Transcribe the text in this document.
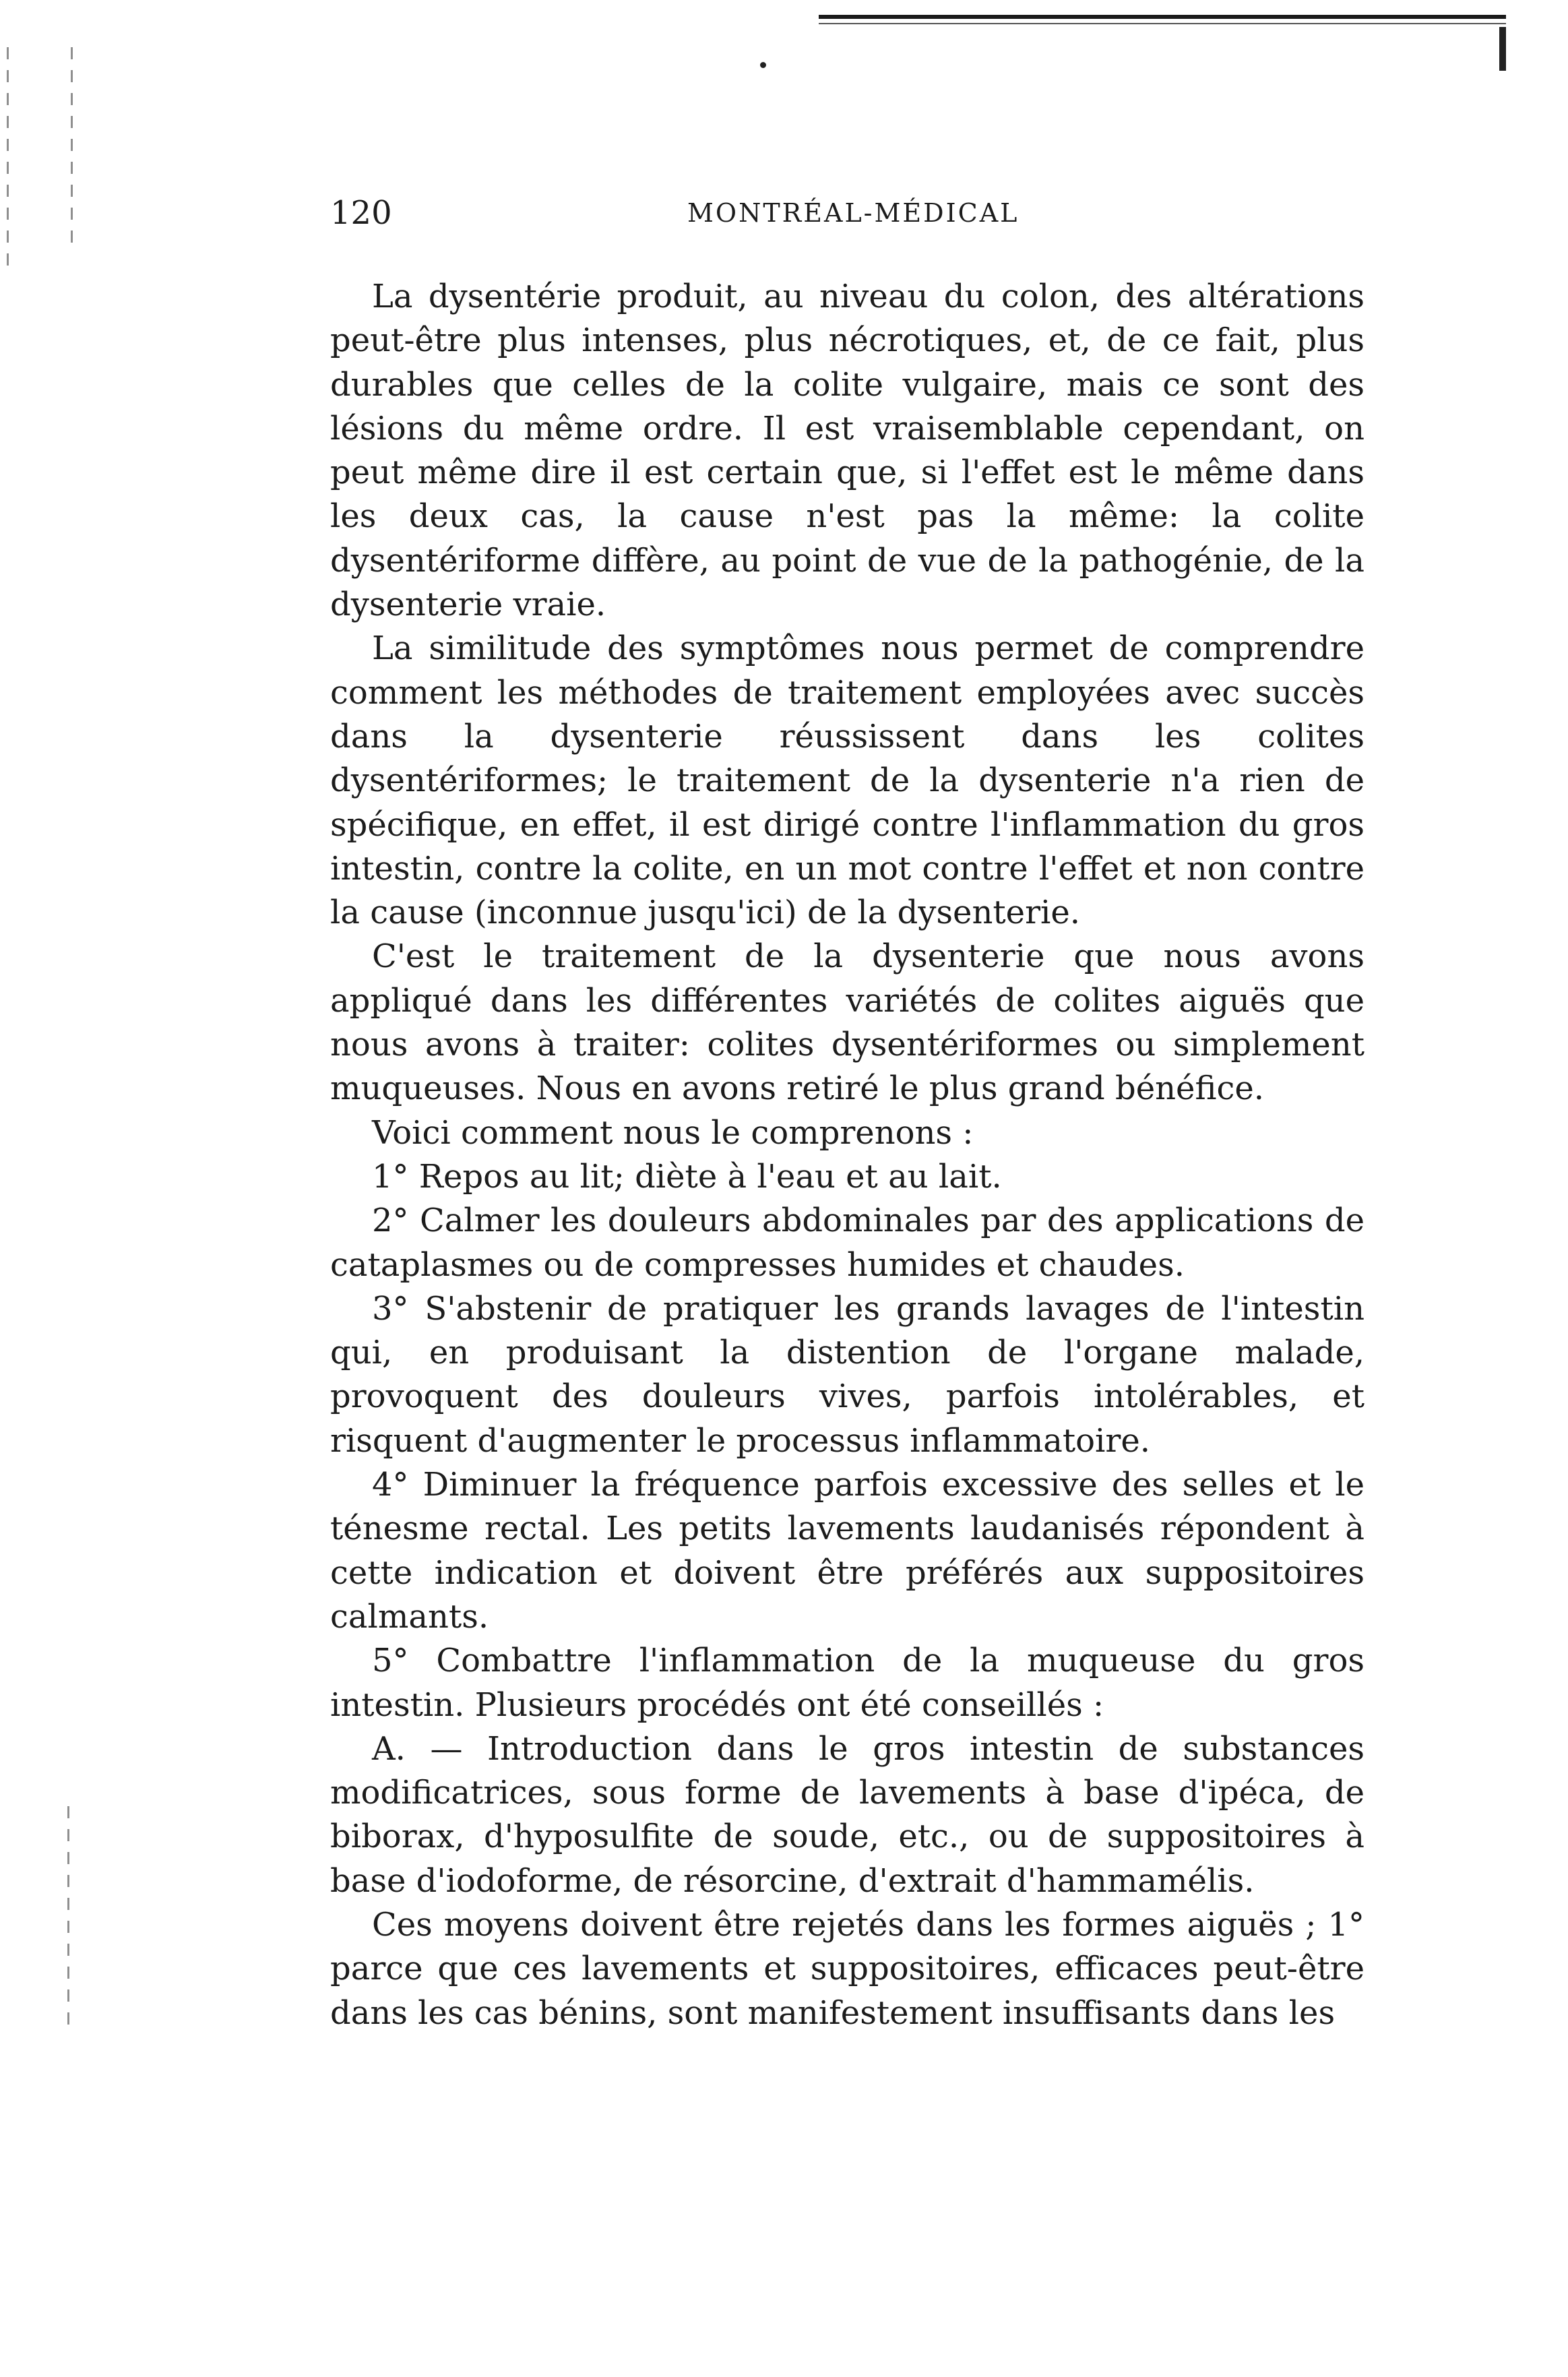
120	MONTRÉAL-MÉDICAL

La dysentérie produit, au niveau du colon, des altérations peut-être plus intenses, plus nécrotiques, et, de ce fait, plus durables que celles de la colite vulgaire, mais ce sont des lésions du même ordre. Il est vraisemblable cependant, on peut même dire il est certain que, si l'effet est le même dans les deux cas, la cause n'est pas la même: la colite dysentériforme diffère, au point de vue de la pathogénie, de la dysenterie vraie.

La similitude des symptômes nous permet de comprendre comment les méthodes de traitement employées avec succès dans la dysenterie réussissent dans les colites dysentériformes; le traitement de la dysenterie n'a rien de spécifique, en effet, il est dirigé contre l'inflammation du gros intestin, contre la colite, en un mot contre l'effet et non contre la cause (inconnue jusqu'ici) de la dysenterie.

C'est le traitement de la dysenterie que nous avons appliqué dans les différentes variétés de colites aiguës que nous avons à traiter: colites dysentériformes ou simplement muqueuses. Nous en avons retiré le plus grand bénéfice.

Voici comment nous le comprenons :

1° Repos au lit; diète à l'eau et au lait.

2° Calmer les douleurs abdominales par des applications de cataplasmes ou de compresses humides et chaudes.

3° S'abstenir de pratiquer les grands lavages de l'intestin qui, en produisant la distention de l'organe malade, provoquent des douleurs vives, parfois intolérables, et risquent d'augmenter le processus inflammatoire.

4° Diminuer la fréquence parfois excessive des selles et le ténesme rectal. Les petits lavements laudanisés répondent à cette indication et doivent être préférés aux suppositoires calmants.

5° Combattre l'inflammation de la muqueuse du gros intestin. Plusieurs procédés ont été conseillés :

A. — Introduction dans le gros intestin de substances modificatrices, sous forme de lavements à base d'ipéca, de biborax, d'hyposulfite de soude, etc., ou de suppositoires à base d'iodoforme, de résorcine, d'extrait d'hammamélis.

Ces moyens doivent être rejetés dans les formes aiguës ; 1° parce que ces lavements et suppositoires, efficaces peut-être dans les cas bénins, sont manifestement insuffisants dans les
